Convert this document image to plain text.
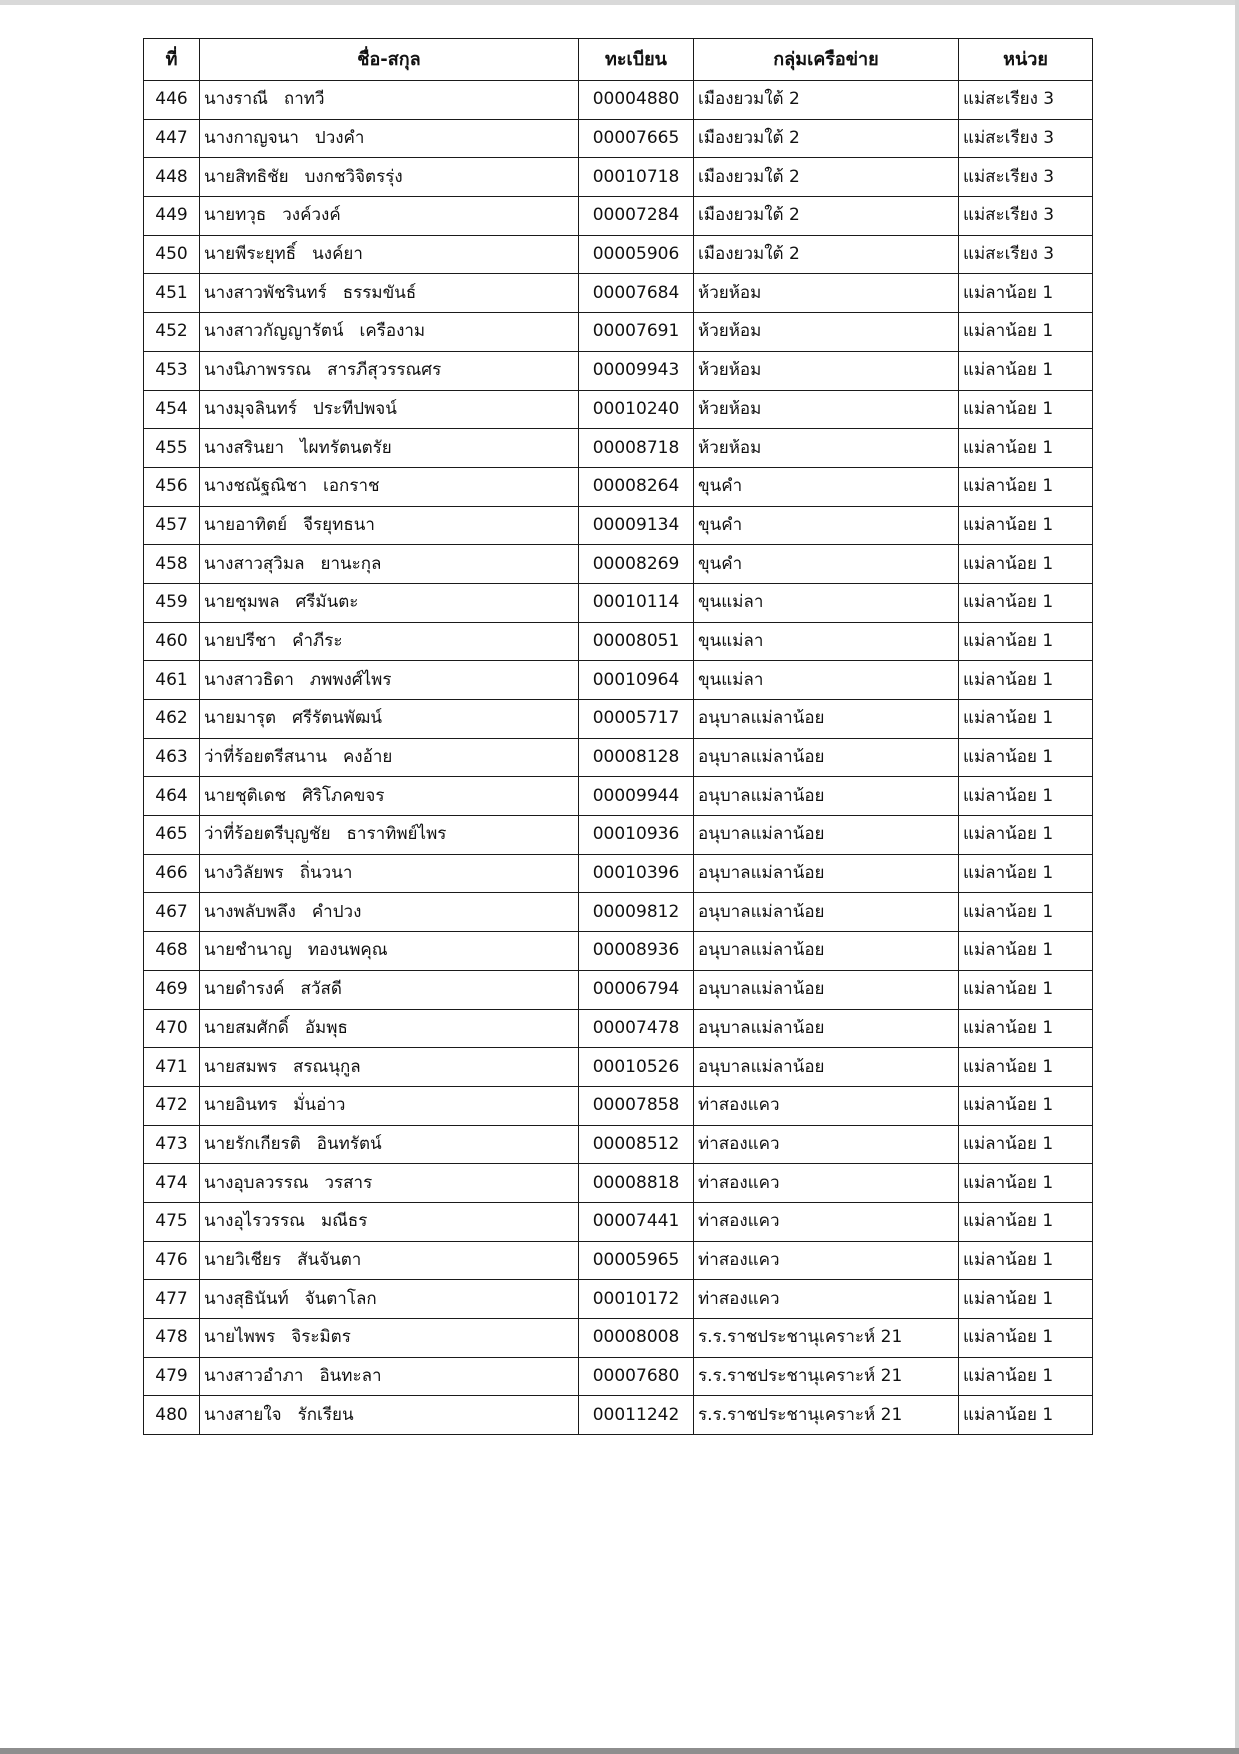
ที่	ชื่อ-สกุล	ทะเบียน	กลุ่มเครือข่าย	หน่วย
446	นางราณี ถาทวี	00004880	เมืองยวมใต้ 2	แม่สะเรียง 3
447	นางกาญจนา ปวงคำ	00007665	เมืองยวมใต้ 2	แม่สะเรียง 3
448	นายสิทธิชัย บงกชวิจิตรรุ่ง	00010718	เมืองยวมใต้ 2	แม่สะเรียง 3
449	นายทวุธ วงค์วงค์	00007284	เมืองยวมใต้ 2	แม่สะเรียง 3
450	นายพีระยุทธิ์ นงค์ยา	00005906	เมืองยวมใต้ 2	แม่สะเรียง 3
451	นางสาวพัชรินทร์ ธรรมขันธ์	00007684	ห้วยห้อม	แม่ลาน้อย 1
452	นางสาวกัญญารัตน์ เครืองาม	00007691	ห้วยห้อม	แม่ลาน้อย 1
453	นางนิภาพรรณ สารภีสุวรรณศร	00009943	ห้วยห้อม	แม่ลาน้อย 1
454	นางมุจลินทร์ ประทีปพจน์	00010240	ห้วยห้อม	แม่ลาน้อย 1
455	นางสรินยา ไผทรัตนตรัย	00008718	ห้วยห้อม	แม่ลาน้อย 1
456	นางชณัฐณิชา เอกราช	00008264	ขุนคำ	แม่ลาน้อย 1
457	นายอาทิตย์ จีรยุทธนา	00009134	ขุนคำ	แม่ลาน้อย 1
458	นางสาวสุวิมล ยานะกุล	00008269	ขุนคำ	แม่ลาน้อย 1
459	นายชุมพล ศรีมันตะ	00010114	ขุนแม่ลา	แม่ลาน้อย 1
460	นายปรีชา คำภีระ	00008051	ขุนแม่ลา	แม่ลาน้อย 1
461	นางสาวธิดา ภพพงศ์ไพร	00010964	ขุนแม่ลา	แม่ลาน้อย 1
462	นายมารุต ศรีรัตนพัฒน์	00005717	อนุบาลแม่ลาน้อย	แม่ลาน้อย 1
463	ว่าที่ร้อยตรีสนาน คงอ้าย	00008128	อนุบาลแม่ลาน้อย	แม่ลาน้อย 1
464	นายชุติเดช ศิริโภคขจร	00009944	อนุบาลแม่ลาน้อย	แม่ลาน้อย 1
465	ว่าที่ร้อยตรีบุญชัย ธาราทิพย์ไพร	00010936	อนุบาลแม่ลาน้อย	แม่ลาน้อย 1
466	นางวิลัยพร ถิ่นวนา	00010396	อนุบาลแม่ลาน้อย	แม่ลาน้อย 1
467	นางพลับพลึง คำปวง	00009812	อนุบาลแม่ลาน้อย	แม่ลาน้อย 1
468	นายชำนาญ ทองนพคุณ	00008936	อนุบาลแม่ลาน้อย	แม่ลาน้อย 1
469	นายดำรงค์ สวัสดี	00006794	อนุบาลแม่ลาน้อย	แม่ลาน้อย 1
470	นายสมศักดิ์ อัมพุธ	00007478	อนุบาลแม่ลาน้อย	แม่ลาน้อย 1
471	นายสมพร สรณนุกูล	00010526	อนุบาลแม่ลาน้อย	แม่ลาน้อย 1
472	นายอินทร มั่นอ่าว	00007858	ท่าสองแคว	แม่ลาน้อย 1
473	นายรักเกียรติ อินทรัตน์	00008512	ท่าสองแคว	แม่ลาน้อย 1
474	นางอุบลวรรณ วรสาร	00008818	ท่าสองแคว	แม่ลาน้อย 1
475	นางอุไรวรรณ มณีธร	00007441	ท่าสองแคว	แม่ลาน้อย 1
476	นายวิเชียร สันจันตา	00005965	ท่าสองแคว	แม่ลาน้อย 1
477	นางสุธินันท์ จันตาโลก	00010172	ท่าสองแคว	แม่ลาน้อย 1
478	นายไพพร จิระมิตร	00008008	ร.ร.ราชประชานุเคราะห์ 21	แม่ลาน้อย 1
479	นางสาวอำภา อินทะลา	00007680	ร.ร.ราชประชานุเคราะห์ 21	แม่ลาน้อย 1
480	นางสายใจ รักเรียน	00011242	ร.ร.ราชประชานุเคราะห์ 21	แม่ลาน้อย 1
